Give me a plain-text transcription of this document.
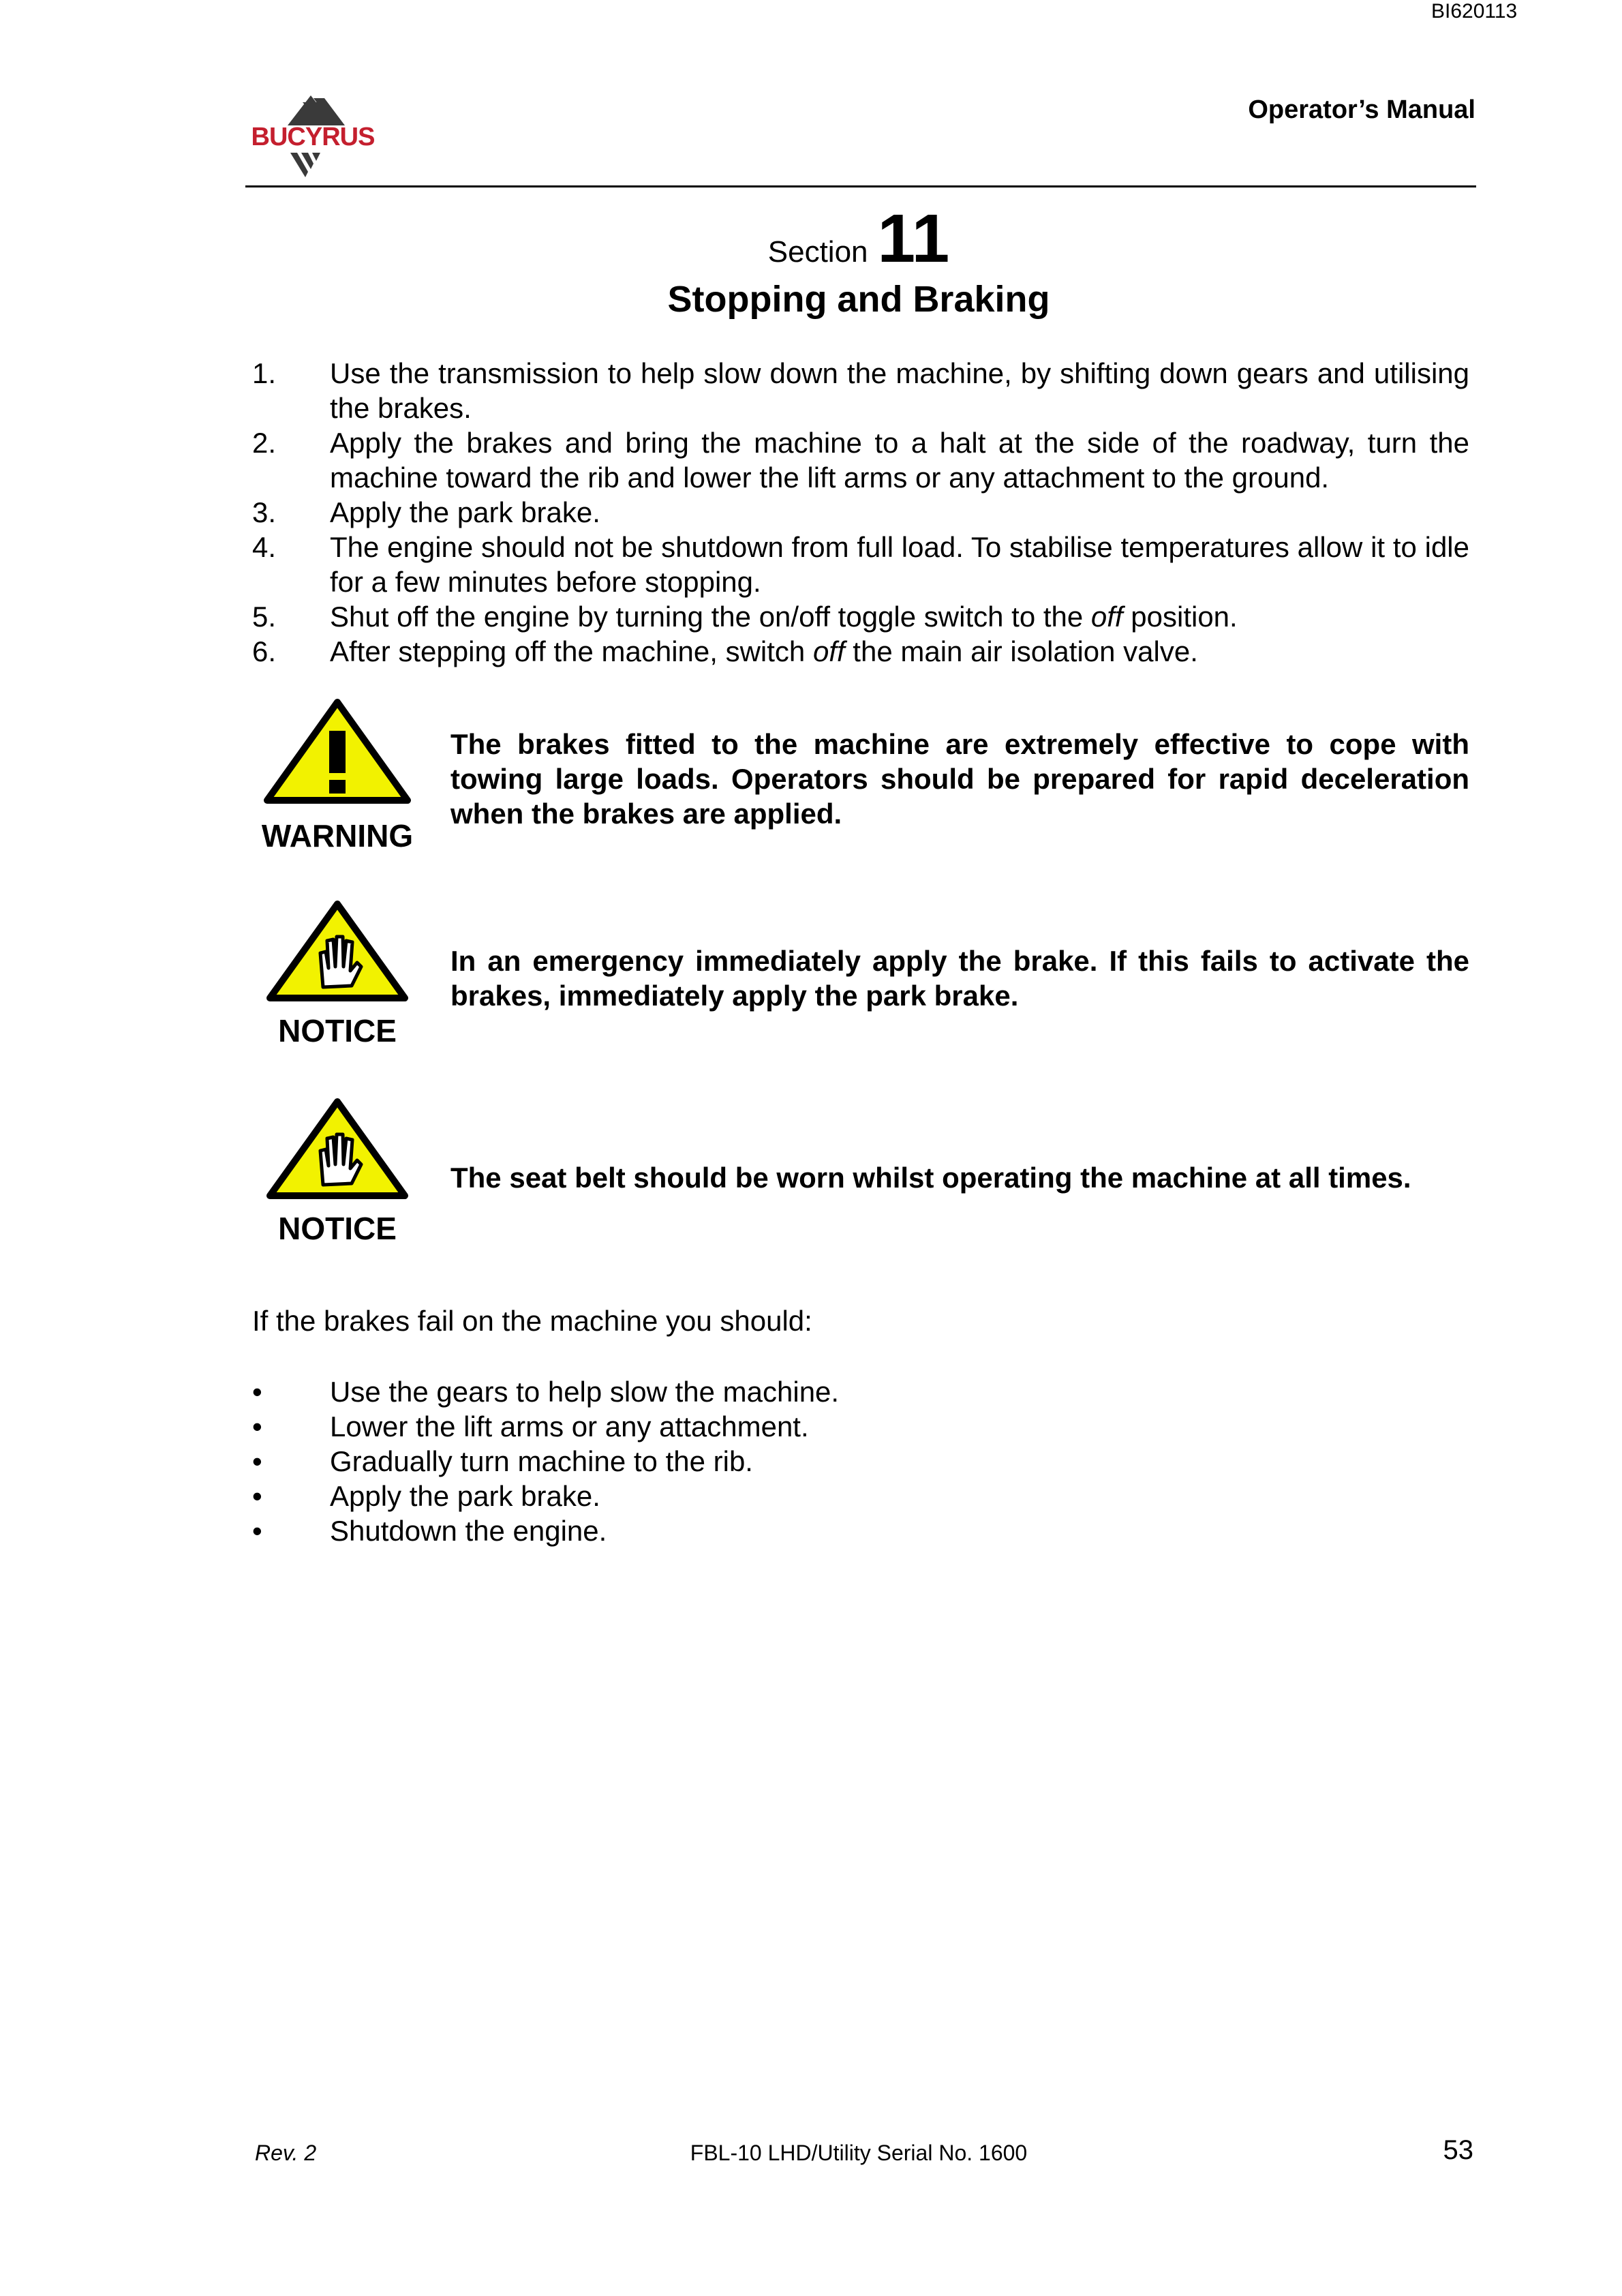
BI620113
BUCYRUS
Operator’s Manual
Section 11
Stopping and Braking
1.	Use the transmission to help slow down the machine, by shifting down gears and utilising the brakes.
2.	Apply the brakes and bring the machine to a halt at the side of the roadway, turn the machine toward the rib and lower the lift arms or any attachment to the ground.
3.	Apply the park brake.
4.	The engine should not be shutdown from full load. To stabilise temperatures allow it to idle for a few minutes before stopping.
5.	Shut off the engine by turning the on/off toggle switch to the off position.
6.	After stepping off the machine, switch off the main air isolation valve.
WARNING
The brakes fitted to the machine are extremely effective to cope with towing large loads. Operators should be prepared for rapid deceleration when the brakes are applied.
NOTICE
In an emergency immediately apply the brake. If this fails to activate the brakes, immediately apply the park brake.
NOTICE
The seat belt should be worn whilst operating the machine at all times.
If the brakes fail on the machine you should:
•	Use the gears to help slow the machine.
•	Lower the lift arms or any attachment.
•	Gradually turn machine to the rib.
•	Apply the park brake.
•	Shutdown the engine.
Rev. 2	FBL-10 LHD/Utility Serial No. 1600	53
